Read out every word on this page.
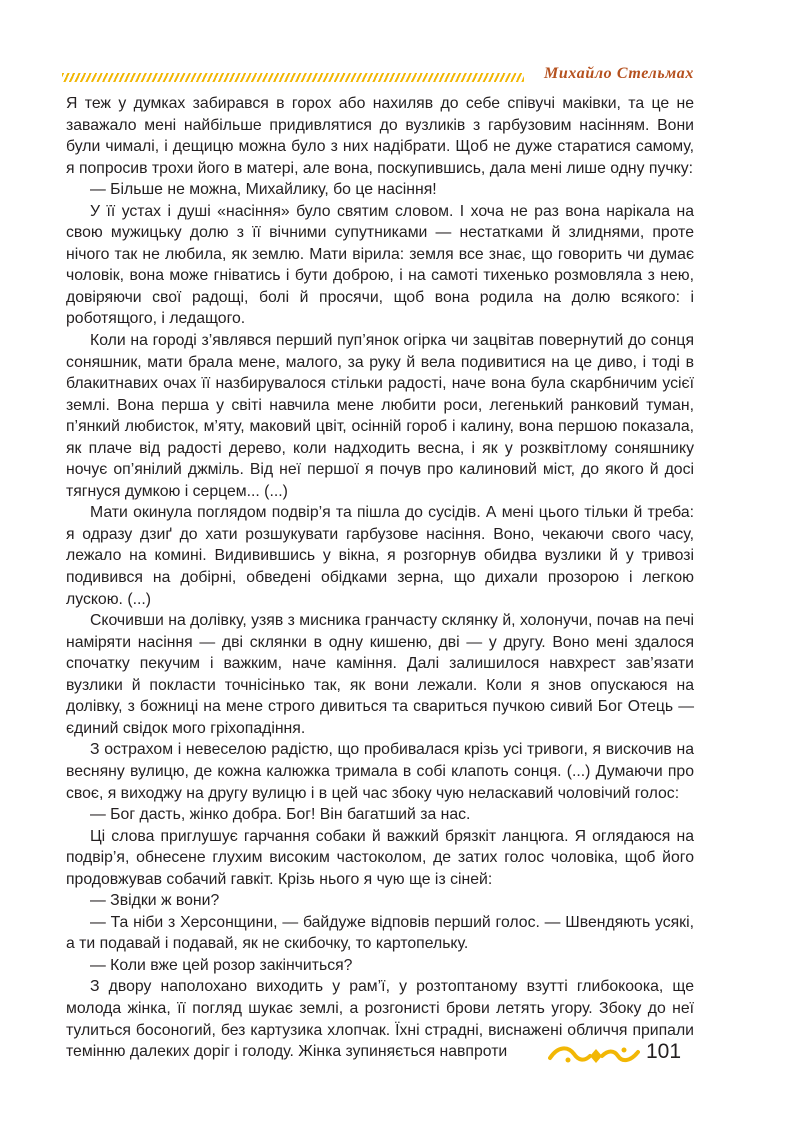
Михайло Стельмах

Я теж у думках забирався в горох або нахиляв до себе співучі маківки, та це не заважало мені найбільше придивлятися до вузликів з гарбузовим насінням. Вони були чималі, і дещицю можна було з них надібрати. Щоб не дуже старатися самому, я попросив трохи його в матері, але вона, поскупившись, дала мені лише одну пучку:

— Більше не можна, Михайлику, бо це насіння!

У її устах і душі «насіння» було святим словом. І хоча не раз вона нарікала на свою мужицьку долю з її вічними супутниками — нестатками й злиднями, проте нічого так не любила, як землю. Мати вірила: земля все знає, що говорить чи думає чоловік, вона може гніватись і бути доброю, і на самоті тихенько розмовляла з нею, довіряючи свої радощі, болі й просячи, щоб вона родила на долю всякого: і роботящого, і ледащого.

Коли на городі з’являвся перший пуп’янок огірка чи зацвітав повернутий до сонця соняшник, мати брала мене, малого, за руку й вела подивитися на це диво, і тоді в блакитнавих очах її назбирувалося стільки радості, наче вона була скарбничим усієї землі. Вона перша у світі навчила мене любити роси, легенький ранковий туман, п’янкий любисток, м’яту, маковий цвіт, осінній гороб і калину, вона першою показала, як плаче від радості дерево, коли надходить весна, і як у розквітлому соняшнику ночує оп’янілий джміль. Від неї першої я почув про калиновий міст, до якого й досі тягнуся думкою і серцем... (...)

Мати окинула поглядом подвір’я та пішла до сусідів. А мені цього тільки й треба: я одразу дзиґ до хати розшукувати гарбузове насіння. Воно, чекаючи свого часу, лежало на комині. Видивившись у вікна, я розгорнув обидва вузлики й у тривозі подивився на добірні, обведені обідками зерна, що дихали прозорою і легкою лускою. (...)

Скочивши на долівку, узяв з мисника гранчасту склянку й, холонучи, почав на печі наміряти насіння — дві склянки в одну кишеню, дві — у другу. Воно мені здалося спочатку пекучим і важким, наче каміння. Далі залишилося навхрест зав’язати вузлики й покласти точнісінько так, як вони лежали. Коли я знов опускаюся на долівку, з божниці на мене строго дивиться та свариться пучкою сивий Бог Отець — єдиний свідок мого гріхопадіння.

З острахом і невеселою радістю, що пробивалася крізь усі тривоги, я вискочив на весняну вулицю, де кожна калюжка тримала в собі клапоть сонця. (...) Думаючи про своє, я виходжу на другу вулицю і в цей час збоку чую неласкавий чоловічий голос:

— Бог дасть, жінко добра. Бог! Він багатший за нас.

Ці слова приглушує гарчання собаки й важкий брязкіт ланцюга. Я оглядаюся на подвір’я, обнесене глухим високим частоколом, де затих голос чоловіка, щоб його продовжував собачий гавкіт. Крізь нього я чую ще із сіней:

— Звідки ж вони?

— Та ніби з Херсонщини, — байдуже відповів перший голос. — Швендяють усякі, а ти подавай і подавай, як не скибочку, то картопельку.

— Коли вже цей розор закінчиться?

З двору наполохано виходить у рам’ї, у розтоптаному взутті глибокоока, ще молода жінка, її погляд шукає землі, а розгонисті брови летять угору. Збоку до неї тулиться босоногий, без картузика хлопчак. Їхні страдні, виснажені обличчя припали темінню далеких доріг і голоду. Жінка зупиняється навпроти	101
